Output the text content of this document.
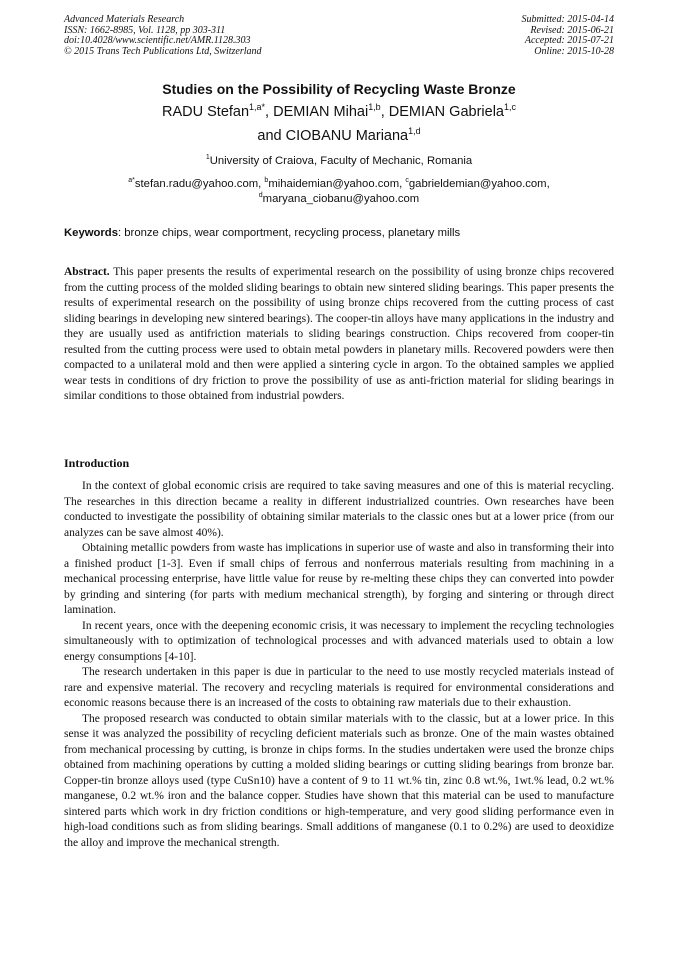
Advanced Materials Research
ISSN: 1662-8985, Vol. 1128, pp 303-311
doi:10.4028/www.scientific.net/AMR.1128.303
© 2015 Trans Tech Publications Ltd, Switzerland
Submitted: 2015-04-14
Revised: 2015-06-21
Accepted: 2015-07-21
Online: 2015-10-28
Studies on the Possibility of Recycling Waste Bronze
RADU Stefan$^{1,a*}$, DEMIAN Mihai$^{1,b}$, DEMIAN Gabriela$^{1,c}$
and CIOBANU Mariana$^{1,d}$
$^1$University of Craiova, Faculty of Mechanic, Romania
$^{a*}$stefan.radu@yahoo.com, $^b$mihaidemian@yahoo.com, $^c$gabrieldemian@yahoo.com,
$^d$maryana_ciobanu@yahoo.com
Keywords: bronze chips, wear comportment, recycling process, planetary mills
Abstract. This paper presents the results of experimental research on the possibility of using bronze chips recovered from the cutting process of the molded sliding bearings to obtain new sintered sliding bearings. This paper presents the results of experimental research on the possibility of using bronze chips recovered from the cutting process of cast sliding bearings in developing new sintered bearings). The cooper-tin alloys have many applications in the industry and they are usually used as antifriction materials to sliding bearings construction. Chips recovered from cooper-tin resulted from the cutting process were used to obtain metal powders in planetary mills. Recovered powders were then compacted to a unilateral mold and then were applied a sintering cycle in argon. To the obtained samples we applied wear tests in conditions of dry friction to prove the possibility of use as anti-friction material for sliding bearings in similar conditions to those obtained from industrial powders.
Introduction

In the context of global economic crisis are required to take saving measures and one of this is material recycling. The researches in this direction became a reality in different industrialized countries. Own researches have been conducted to investigate the possibility of obtaining similar materials to the classic ones but at a lower price (from our analyzes can be save almost 40%).

Obtaining metallic powders from waste has implications in superior use of waste and also in transforming their into a finished product [1-3]. Even if small chips of ferrous and nonferrous materials resulting from machining in a mechanical processing enterprise, have little value for reuse by re-melting these chips they can converted into powder by grinding and sintering (for parts with medium mechanical strength), by forging and sintering or through direct lamination.

In recent years, once with the deepening economic crisis, it was necessary to implement the recycling technologies simultaneously with to optimization of technological processes and with advanced materials used to obtain a low energy consumptions [4-10].

The research undertaken in this paper is due in particular to the need to use mostly recycled materials instead of rare and expensive material. The recovery and recycling materials is required for environmental considerations and economic reasons because there is an increased of the costs to obtaining raw materials due to their exhaustion.

The proposed research was conducted to obtain similar materials with to the classic, but at a lower price. In this sense it was analyzed the possibility of recycling deficient materials such as bronze. One of the main wastes obtained from mechanical processing by cutting, is bronze in chips forms. In the studies undertaken were used the bronze chips obtained from machining operations by cutting a molded sliding bearings or cutting sliding bearings from bronze bar. Copper-tin bronze alloys used (type CuSn10) have a content of 9 to 11 wt.% tin, zinc 0.8 wt.%, 1wt.% lead, 0.2 wt.% manganese, 0.2 wt.% iron and the balance copper. Studies have shown that this material can be used to manufacture sintered parts which work in dry friction conditions or high-temperature, and very good sliding performance even in high-load conditions such as from sliding bearings. Small additions of manganese (0.1 to 0.2%) are used to deoxidize the alloy and improve the mechanical strength.
